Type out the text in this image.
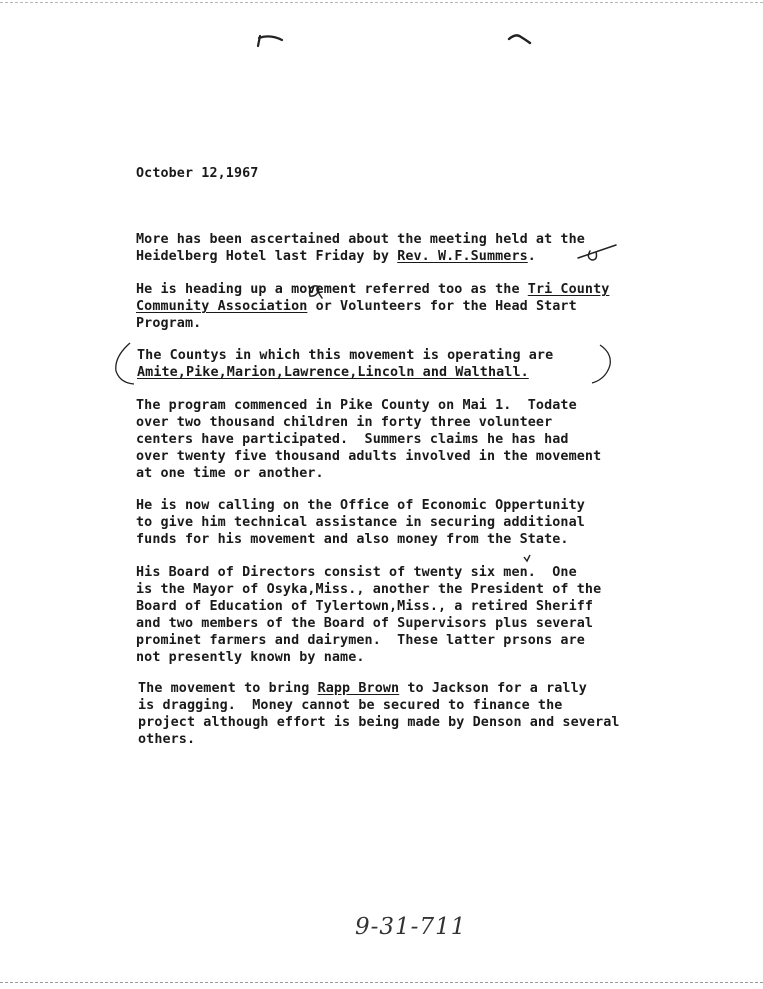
October 12,1967

More has been ascertained about the meeting held at the

Heidelberg Hotel last Friday by Rev. W.F.Summers.

He is heading up a movement referred too as the Tri County

Community Association or Volunteers for the Head Start

Program.

The Countys in which this movement is operating are

Amite,Pike,Marion,Lawrence,Lincoln and Walthall.

The program commenced in Pike County on Mai 1.  Todate

over two thousand children in forty three volunteer

centers have participated.  Summers claims he has had

over twenty five thousand adults involved in the movement

at one time or another.

He is now calling on the Office of Economic Oppertunity

to give him technical assistance in securing additional

funds for his movement and also money from the State.

His Board of Directors consist of twenty six men.  One

is the Mayor of Osyka,Miss., another the President of the

Board of Education of Tylertown,Miss., a retired Sheriff

and two members of the Board of Supervisors plus several

prominet farmers and dairymen.  These latter prsons are

not presently known by name.

The movement to bring Rapp Brown to Jackson for a rally

is dragging.  Money cannot be secured to finance the

project although effort is being made by Denson and several

others.

9-31-711
